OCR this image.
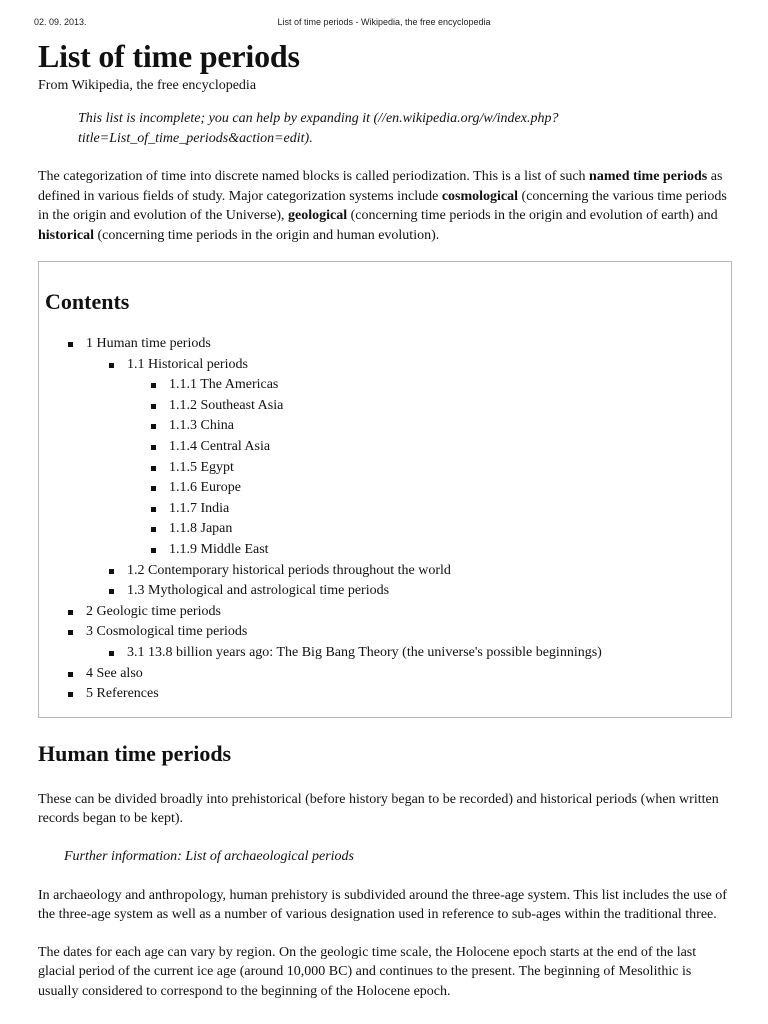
02. 09. 2013.	List of time periods - Wikipedia, the free encyclopedia
List of time periods
From Wikipedia, the free encyclopedia
This list is incomplete; you can help by expanding it (//en.wikipedia.org/w/index.php?
title=List_of_time_periods&action=edit).

The categorization of time into discrete named blocks is called periodization. This is a list of such named time periods as defined in various fields of study. Major categorization systems include cosmological (concerning the various time periods in the origin and evolution of the Universe), geological (concerning time periods in the origin and evolution of earth) and historical (concerning time periods in the origin and human evolution).

Contents
1 Human time periods
1.1 Historical periods
1.1.1 The Americas
1.1.2 Southeast Asia
1.1.3 China
1.1.4 Central Asia
1.1.5 Egypt
1.1.6 Europe
1.1.7 India
1.1.8 Japan
1.1.9 Middle East
1.2 Contemporary historical periods throughout the world
1.3 Mythological and astrological time periods
2 Geologic time periods
3 Cosmological time periods
3.1 13.8 billion years ago: The Big Bang Theory (the universe's possible beginnings)
4 See also
5 References
Human time periods

These can be divided broadly into prehistorical (before history began to be recorded) and historical periods (when written records began to be kept).

Further information: List of archaeological periods

In archaeology and anthropology, human prehistory is subdivided around the three-age system. This list includes the use of the three-age system as well as a number of various designation used in reference to sub-ages within the traditional three.

The dates for each age can vary by region. On the geologic time scale, the Holocene epoch starts at the end of the last glacial period of the current ice age (around 10,000 BC) and continues to the present. The beginning of Mesolithic is usually considered to correspond to the beginning of the Holocene epoch.
